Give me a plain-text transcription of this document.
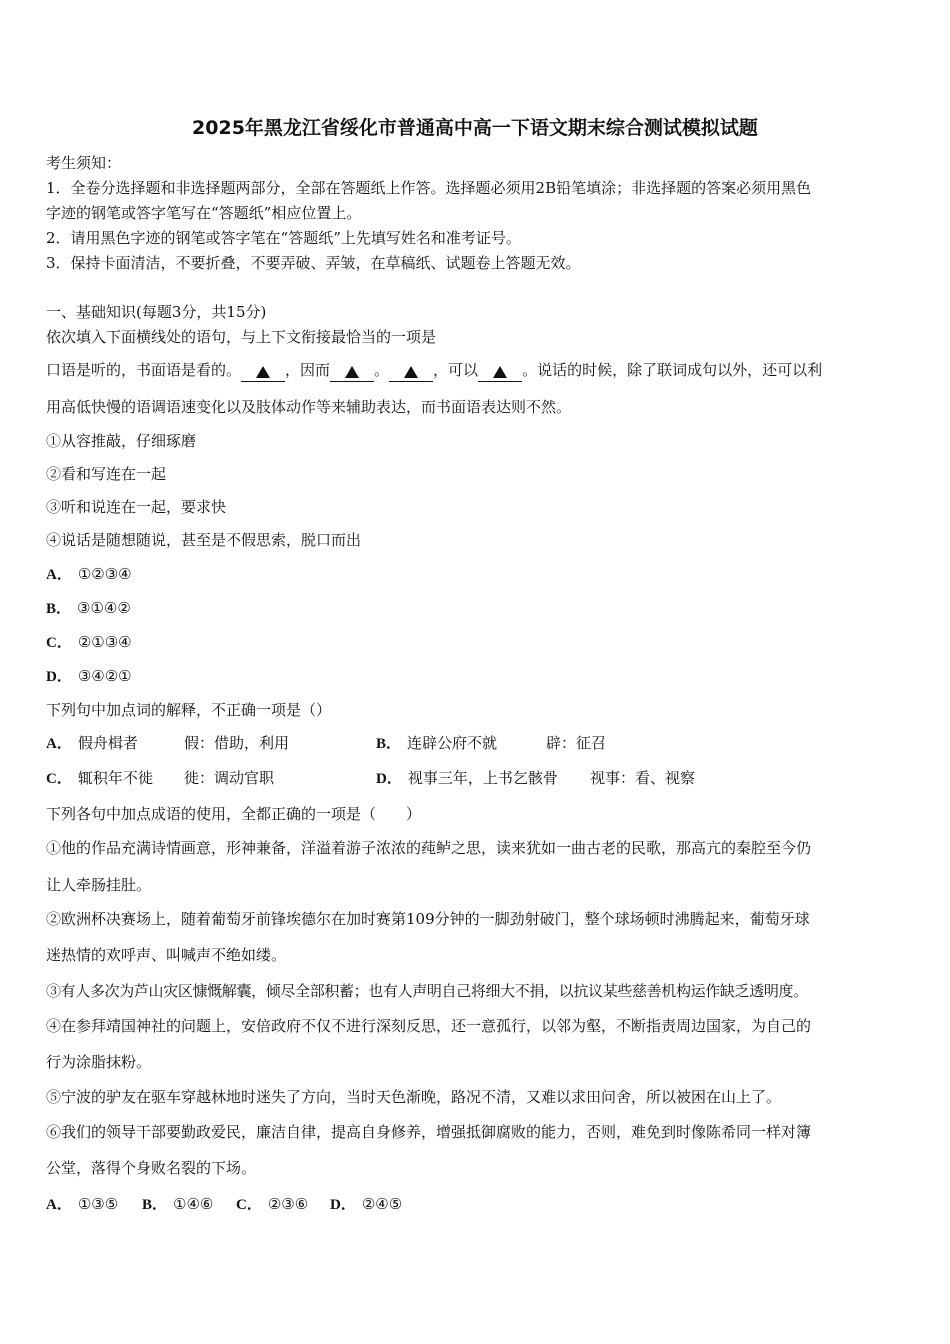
2025年黑龙江省绥化市普通高中高一下语文期末综合测试模拟试题
考生须知：
1．全卷分选择题和非选择题两部分，全部在答题纸上作答。选择题必须用2B铅笔填涂；非选择题的答案必须用黑色
字迹的钢笔或答字笔写在“答题纸”相应位置上。
2．请用黑色字迹的钢笔或答字笔在“答题纸”上先填写姓名和准考证号。
3．保持卡面清洁，不要折叠，不要弄破、弄皱，在草稿纸、试题卷上答题无效。
一、基础知识(每题3分，共15分)
依次填入下面横线处的语句，与上下文衔接最恰当的一项是
口语是听的，书面语是看的。	，因而	。	，可以	。说话的时候，除了联词成句以外，还可以利
用高低快慢的语调语速变化以及肢体动作等来辅助表达，而书面语表达则不然。
①从容推敲，仔细琢磨
②看和写连在一起
③听和说连在一起，要求快
④说话是随想随说，甚至是不假思索，脱口而出
A． ①②③④
B． ③①④②
C． ②①③④
D． ③④②①
下列句中加点词的解释，不正确一项是（）
A． 假舟楫者	假：借助，利用	B． 连辟公府不就	辟：征召
C． 辄积年不徙 徙：调动官职	D． 视事三年，上书乞骸骨 视事：看、视察
下列各句中加点成语的使用，全都正确的一项是（　　）
①他的作品充满诗情画意，形神兼备，洋溢着游子浓浓的莼鲈之思，读来犹如一曲古老的民歌，那高亢的秦腔至今仍
让人牵肠挂肚。
②欧洲杯决赛场上，随着葡萄牙前锋埃德尔在加时赛第109分钟的一脚劲射破门，整个球场顿时沸腾起来，葡萄牙球
迷热情的欢呼声、叫喊声不绝如缕。
③有人多次为芦山灾区慷慨解囊，倾尽全部积蓄；也有人声明自己将细大不捐，以抗议某些慈善机构运作缺乏透明度。
④在参拜靖国神社的问题上，安倍政府不仅不进行深刻反思，还一意孤行，以邻为壑，不断指责周边国家，为自己的
行为涂脂抹粉。
⑤宁波的驴友在驱车穿越林地时迷失了方向，当时天色渐晚，路况不清，又难以求田问舍，所以被困在山上了。
⑥我们的领导干部要勤政爱民，廉洁自律，提高自身修养，增强抵御腐败的能力，否则，难免到时像陈希同一样对簿
公堂，落得个身败名裂的下场。
A． ①③⑤ B． ①④⑥ C． ②③⑥ D． ②④⑤
